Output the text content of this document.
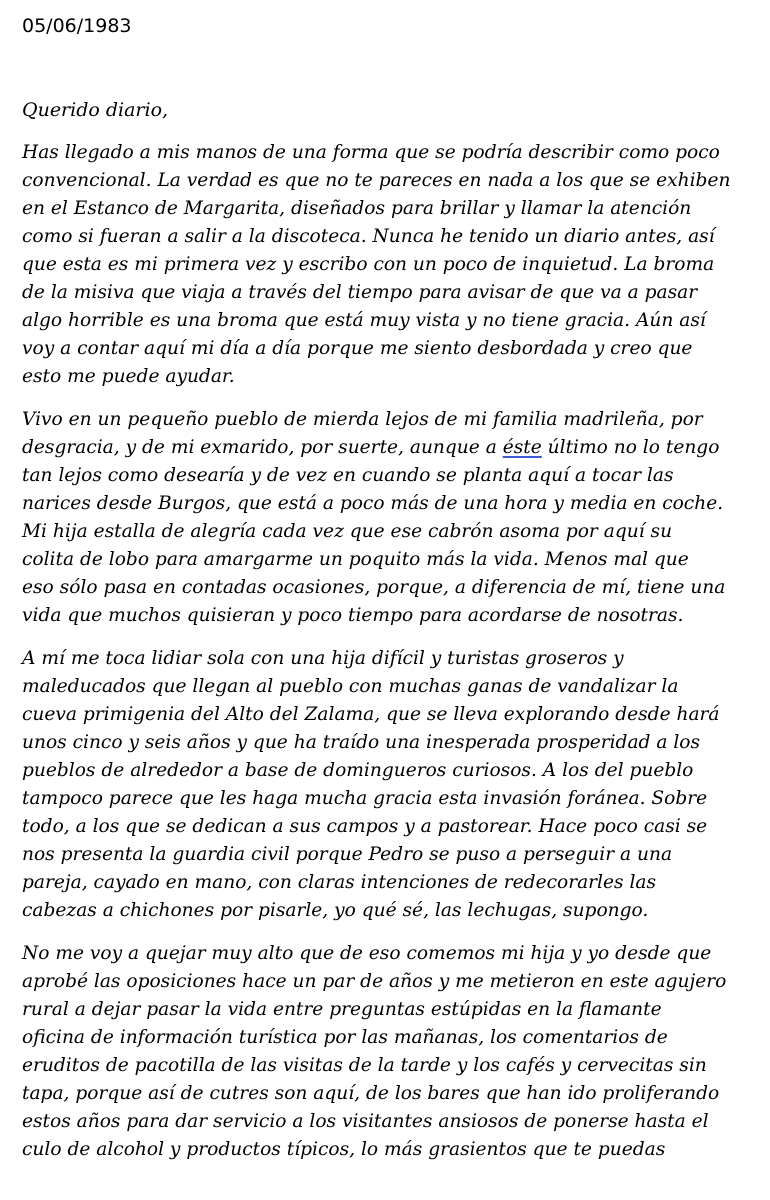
05/06/1983

Querido diario,

Has llegado a mis manos de una forma que se podría describir como poco
convencional. La verdad es que no te pareces en nada a los que se exhiben
en el Estanco de Margarita, diseñados para brillar y llamar la atención
como si fueran a salir a la discoteca. Nunca he tenido un diario antes, así
que esta es mi primera vez y escribo con un poco de inquietud. La broma
de la misiva que viaja a través del tiempo para avisar de que va a pasar
algo horrible es una broma que está muy vista y no tiene gracia. Aún así
voy a contar aquí mi día a día porque me siento desbordada y creo que
esto me puede ayudar.

Vivo en un pequeño pueblo de mierda lejos de mi familia madrileña, por
desgracia, y de mi exmarido, por suerte, aunque a éste último no lo tengo
tan lejos como desearía y de vez en cuando se planta aquí a tocar las
narices desde Burgos, que está a poco más de una hora y media en coche.
Mi hija estalla de alegría cada vez que ese cabrón asoma por aquí su
colita de lobo para amargarme un poquito más la vida. Menos mal que
eso sólo pasa en contadas ocasiones, porque, a diferencia de mí, tiene una
vida que muchos quisieran y poco tiempo para acordarse de nosotras.

A mí me toca lidiar sola con una hija difícil y turistas groseros y
maleducados que llegan al pueblo con muchas ganas de vandalizar la
cueva primigenia del Alto del Zalama, que se lleva explorando desde hará
unos cinco y seis años y que ha traído una inesperada prosperidad a los
pueblos de alrededor a base de domingueros curiosos. A los del pueblo
tampoco parece que les haga mucha gracia esta invasión foránea. Sobre
todo, a los que se dedican a sus campos y a pastorear. Hace poco casi se
nos presenta la guardia civil porque Pedro se puso a perseguir a una
pareja, cayado en mano, con claras intenciones de redecorarles las
cabezas a chichones por pisarle, yo qué sé, las lechugas, supongo.

No me voy a quejar muy alto que de eso comemos mi hija y yo desde que
aprobé las oposiciones hace un par de años y me metieron en este agujero
rural a dejar pasar la vida entre preguntas estúpidas en la flamante
oficina de información turística por las mañanas, los comentarios de
eruditos de pacotilla de las visitas de la tarde y los cafés y cervecitas sin
tapa, porque así de cutres son aquí, de los bares que han ido proliferando
estos años para dar servicio a los visitantes ansiosos de ponerse hasta el
culo de alcohol y productos típicos, lo más grasientos que te puedas
